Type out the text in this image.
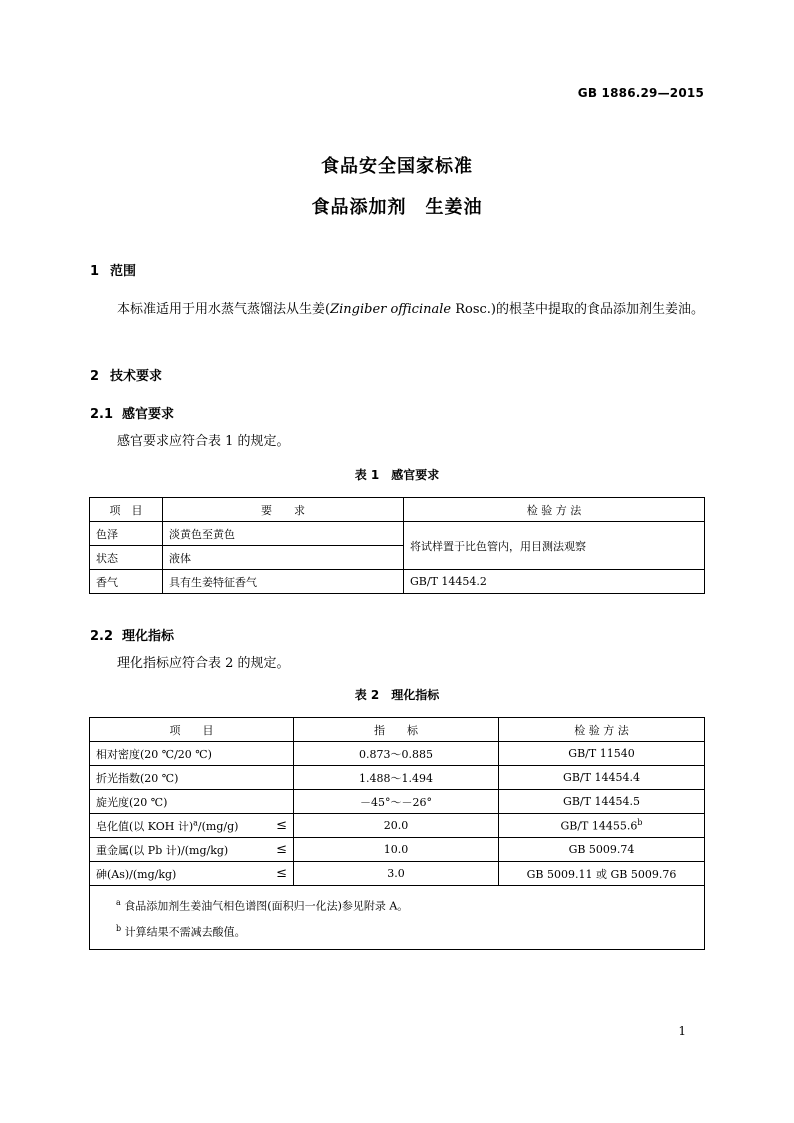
GB 1886.29—2015
食品安全国家标准
食品添加剂　生姜油
1 范围
本标准适用于用水蒸气蒸馏法从生姜(Zingiber officinale Rosc.)的根茎中提取的食品添加剂生姜油。
2 技术要求
2.1 感官要求
感官要求应符合表 1 的规定。
表 1　感官要求
项　目	要　　求	检 验 方 法
色泽	淡黄色至黄色	将试样置于比色管内，用目测法观察
状态	液体	
香气	具有生姜特征香气	GB/T 14454.2
2.2 理化指标
理化指标应符合表 2 的规定。
表 2　理化指标
项　　目	指　　标	检 验 方 法
相对密度(20 ℃/20 ℃)	0.873～0.885	GB/T 11540
折光指数(20 ℃)	1.488～1.494	GB/T 14454.4
旋光度(20 ℃)	－45°～－26°	GB/T 14454.5
皂化值(以 KOH 计)$^a$/(mg/g) ≤	20.0	GB/T 14455.6$^b$
重金属(以 Pb 计)/(mg/kg) ≤	10.0	GB 5009.74
砷(As)/(mg/kg) ≤	3.0	GB 5009.11 或 GB 5009.76

$^a$ 食品添加剂生姜油气相色谱图(面积归一化法)参见附录 A。
$^b$ 计算结果不需减去酸值。		
1
